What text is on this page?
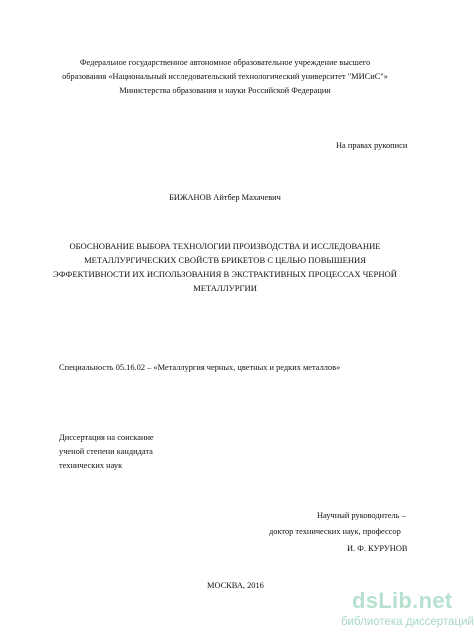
Федеральное государственное автономное образовательное учреждение высшего
образования «Национальный исследовательский технологический университет "МИСиС"»
Министерства образования и науки Российской Федерации
На правах рукописи
БИЖАНОВ Айтбер Махачевич
ОБОСНОВАНИЕ ВЫБОРА ТЕХНОЛОГИИ ПРОИЗВОДСТВА И ИССЛЕДОВАНИЕ
МЕТАЛЛУРГИЧЕСКИХ СВОЙСТВ БРИКЕТОВ С ЦЕЛЬЮ ПОВЫШЕНИЯ
ЭФФЕКТИВНОСТИ ИХ ИСПОЛЬЗОВАНИЯ В ЭКСТРАКТИВНЫХ ПРОЦЕССАХ ЧЕРНОЙ
МЕТАЛЛУРГИИ
Специальность 05.16.02 – «Металлургия черных, цветных и редких металлов»
Диссертация на соискание
ученой степени кандидата
технических наук
Научный руководитель –
доктор технических наук, профессор
И. Ф. КУРУНОВ
МОСКВА, 2016
dsLib.net
библиотека диссертаций
